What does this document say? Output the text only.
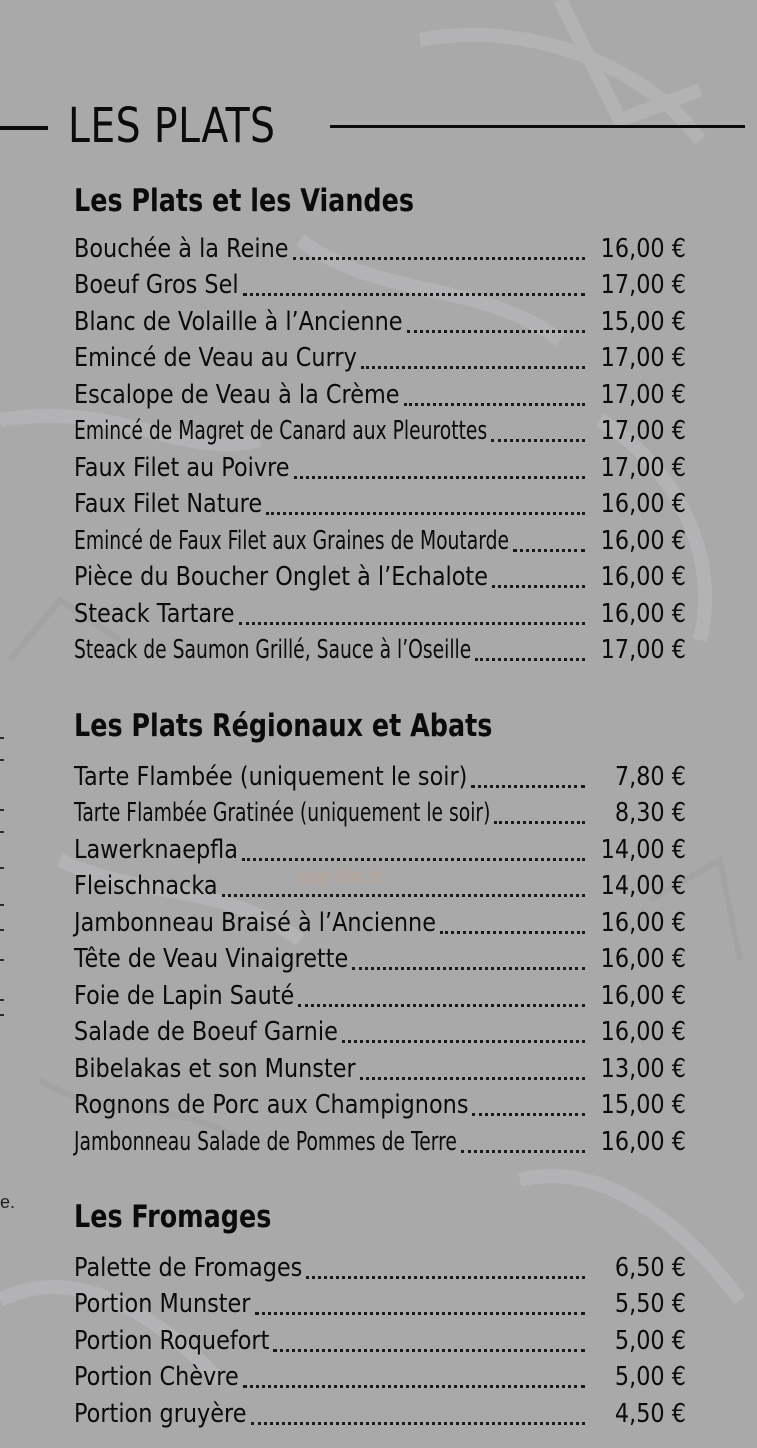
e.
LES PLATS
Les Plats et les Viandes
Bouchée à la Reine	16,00 €
Boeuf Gros Sel	17,00 €
Blanc de Volaille à l’Ancienne	15,00 €
Emincé de Veau au Curry	17,00 €
Escalope de Veau à la Crème	17,00 €
Emincé de Magret de Canard aux Pleurottes	17,00 €
Faux Filet au Poivre	17,00 €
Faux Filet Nature	16,00 €
Emincé de Faux Filet aux Graines de Moutarde	16,00 €
Pièce du Boucher Onglet à l’Echalote	16,00 €
Steack Tartare	16,00 €
Steack de Saumon Grillé, Sauce à l’Oseille	17,00 €
Les Plats Régionaux et Abats
Tarte Flambée (uniquement le soir)	7,80 €
Tarte Flambée Gratinée (uniquement le soir)	8,30 €
Lawerknaepfla	14,00 €
Fleischnacka	14,00 €
Jambonneau Braisé à l’Ancienne	16,00 €
Tête de Veau Vinaigrette	16,00 €
Foie de Lapin Sauté	16,00 €
Salade de Boeuf Garnie	16,00 €
Bibelakas et son Munster	13,00 €
Rognons de Porc aux Champignons	15,00 €
Jambonneau Salade de Pommes de Terre	16,00 €
Les Fromages
Palette de Fromages	6,50 €
Portion Munster	5,50 €
Portion Roquefort	5,00 €
Portion Chèvre	5,00 €
Portion gruyère	4,50 €
eat-list.fr
